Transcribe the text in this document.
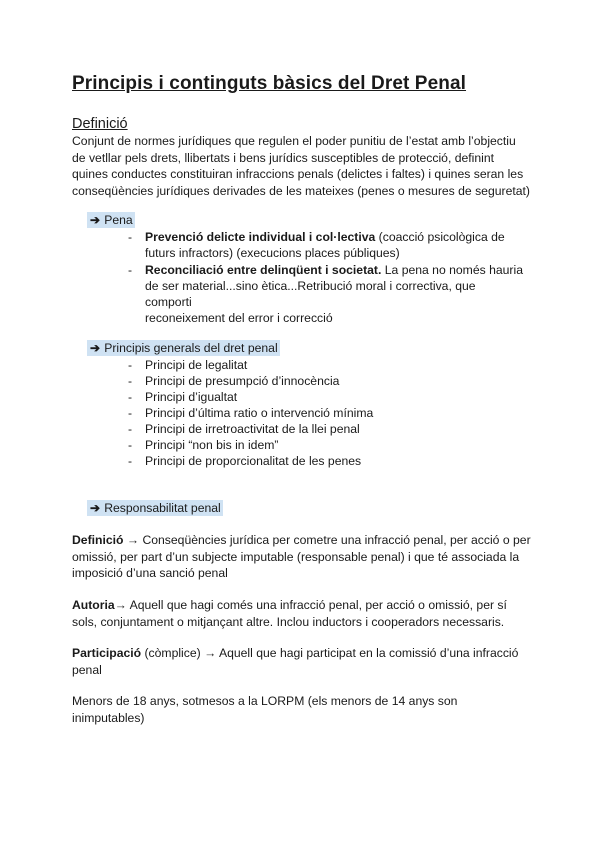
Principis i continguts bàsics del Dret Penal
Definició
Conjunt de normes jurídiques que regulen el poder punitiu de l’estat amb l’objectiu
de vetllar pels drets, llibertats i bens jurídics susceptibles de protecció, definint
quines conductes constituiran infraccions penals (delictes i faltes) i quines seran les
conseqüències jurídiques derivades de les mateixes (penes o mesures de seguretat)
➔ Pena
- Prevenció delicte individual i col·lectiva (coacció psicològica de
futurs infractors) (execucions places públiques)
- Reconciliació entre delinqüent i societat. La pena no només hauria
de ser material...sino ètica...Retribució moral i correctiva, que comporti
reconeixement del error i correcció
➔ Principis generals del dret penal
- Principi de legalitat
- Principi de presumpció d’innocència
- Principi d’igualtat
- Principi d’última ratio o intervenció mínima
- Principi de irretroactivitat de la llei penal
- Principi “non bis in idem”
- Principi de proporcionalitat de les penes
➔ Responsabilitat penal
Definició → Conseqüències jurídica per cometre una infracció penal, per acció o per
omissió, per part d’un subjecte imputable (responsable penal) i que té associada la
imposició d’una sanció penal
Autoria→ Aquell que hagi comés una infracció penal, per acció o omissió, per sí
sols, conjuntament o mitjançant altre. Inclou inductors i cooperadors necessaris.
Participació (còmplice) → Aquell que hagi participat en la comissió d’una infracció
penal
Menors de 18 anys, sotmesos a la LORPM (els menors de 14 anys son
inimputables)
